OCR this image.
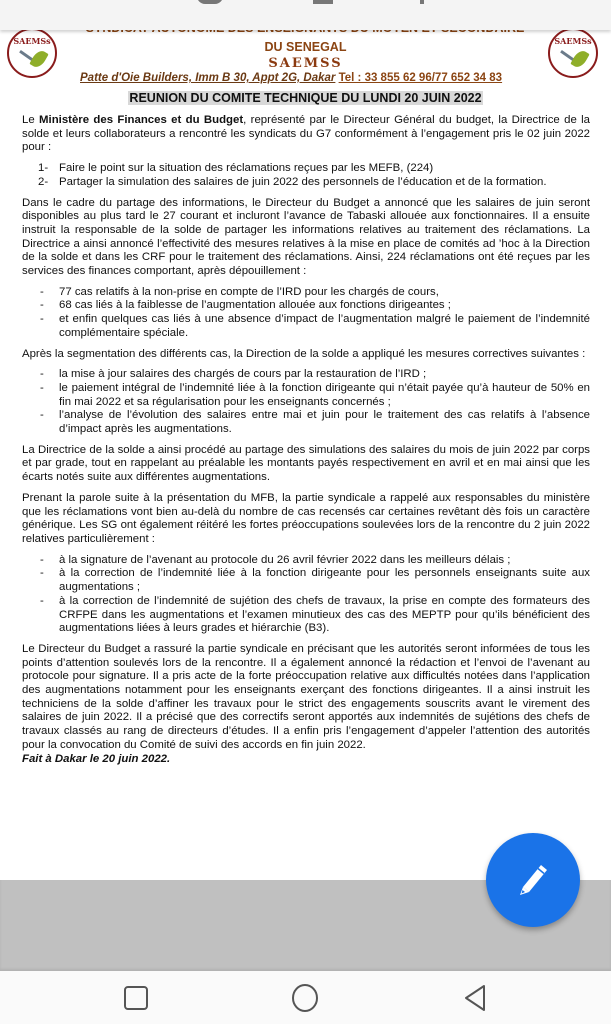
SAEMSs	SAEMSs
DU SENEGAL
SAEMSS
Patte d'Oie Builders, Imm B 30, Appt 2G, Dakar Tel : 33 855 62 96/77 652 34 83
REUNION DU COMITE TECHNIQUE DU LUNDI 20 JUIN 2022

Le Ministère des Finances et du Budget, représenté par le Directeur Général du budget, la Directrice de la solde et leurs collaborateurs a rencontré les syndicats du G7 conformément à l’engagement pris le 02 juin 2022 pour :

1- Faire le point sur la situation des réclamations reçues par les MEFB, (224)
2- Partager la simulation des salaires de juin 2022 des personnels de l’éducation et de la formation.

Dans le cadre du partage des informations, le Directeur du Budget a annoncé que les salaires de juin seront disponibles au plus tard le 27 courant et incluront l’avance de Tabaski allouée aux fonctionnaires. Il a ensuite instruit la responsable de la solde de partager les informations relatives au traitement des réclamations. La Directrice a ainsi annoncé l’effectivité des mesures relatives à la mise en place de comités ad ’hoc à la Direction de la solde et dans les CRF pour le traitement des réclamations. Ainsi, 224 réclamations ont été reçues par les services des finances comportant, après dépouillement :

- 77 cas relatifs à la non-prise en compte de l’IRD pour les chargés de cours,
- 68 cas liés à la faiblesse de l’augmentation allouée aux fonctions dirigeantes ;
- et enfin quelques cas liés à une absence d’impact de l’augmentation malgré le paiement de l’indemnité complémentaire spéciale.

Après la segmentation des différents cas, la Direction de la solde a appliqué les mesures correctives suivantes :

- la mise à jour salaires des chargés de cours par la restauration de l’IRD ;
- le paiement intégral de l’indemnité liée à la fonction dirigeante qui n’était payée qu’à hauteur de 50% en fin mai 2022 et sa régularisation pour les enseignants concernés ;
- l’analyse de l’évolution des salaires entre mai et juin pour le traitement des cas relatifs à l’absence d’impact après les augmentations.

La Directrice de la solde a ainsi procédé au partage des simulations des salaires du mois de juin 2022 par corps et par grade, tout en rappelant au préalable les montants payés respectivement en avril et en mai ainsi que les écarts notés suite aux différentes augmentations.

Prenant la parole suite à la présentation du MFB, la partie syndicale a rappelé aux responsables du ministère que les réclamations vont bien au-delà du nombre de cas recensés car certaines revêtant dès fois un caractère générique. Les SG ont également réitéré les fortes préoccupations soulevées lors de la rencontre du 2 juin 2022 relatives particulièrement :

- à la signature de l’avenant au protocole du 26 avril février 2022 dans les meilleurs délais ;
- à la correction de l’indemnité liée à la fonction dirigeante pour les personnels enseignants suite aux augmentations ;
- à la correction de l’indemnité de sujétion des chefs de travaux, la prise en compte des formateurs des CRFPE dans les augmentations et l’examen minutieux des cas des MEPTP pour qu’ils bénéficient des augmentations liées à leurs grades et hiérarchie (B3).

Le Directeur du Budget a rassuré la partie syndicale en précisant que les autorités seront informées de tous les points d’attention soulevés lors de la rencontre. Il a également annoncé la rédaction et l’envoi de l’avenant au protocole pour signature. Il a pris acte de la forte préoccupation relative aux difficultés notées dans l’application des augmentations notamment pour les enseignants exerçant des fonctions dirigeantes. Il a ainsi instruit les techniciens de la solde d’affiner les travaux pour le strict des engagements souscrits avant le virement des salaires de juin 2022. Il a précisé que des correctifs seront apportés aux indemnités de sujétions des chefs de travaux classés au rang de directeurs d’études. Il a enfin pris l’engagement d’appeler l’attention des autorités pour la convocation du Comité de suivi des accords en fin juin 2022.

Fait à Dakar le 20 juin 2022.
